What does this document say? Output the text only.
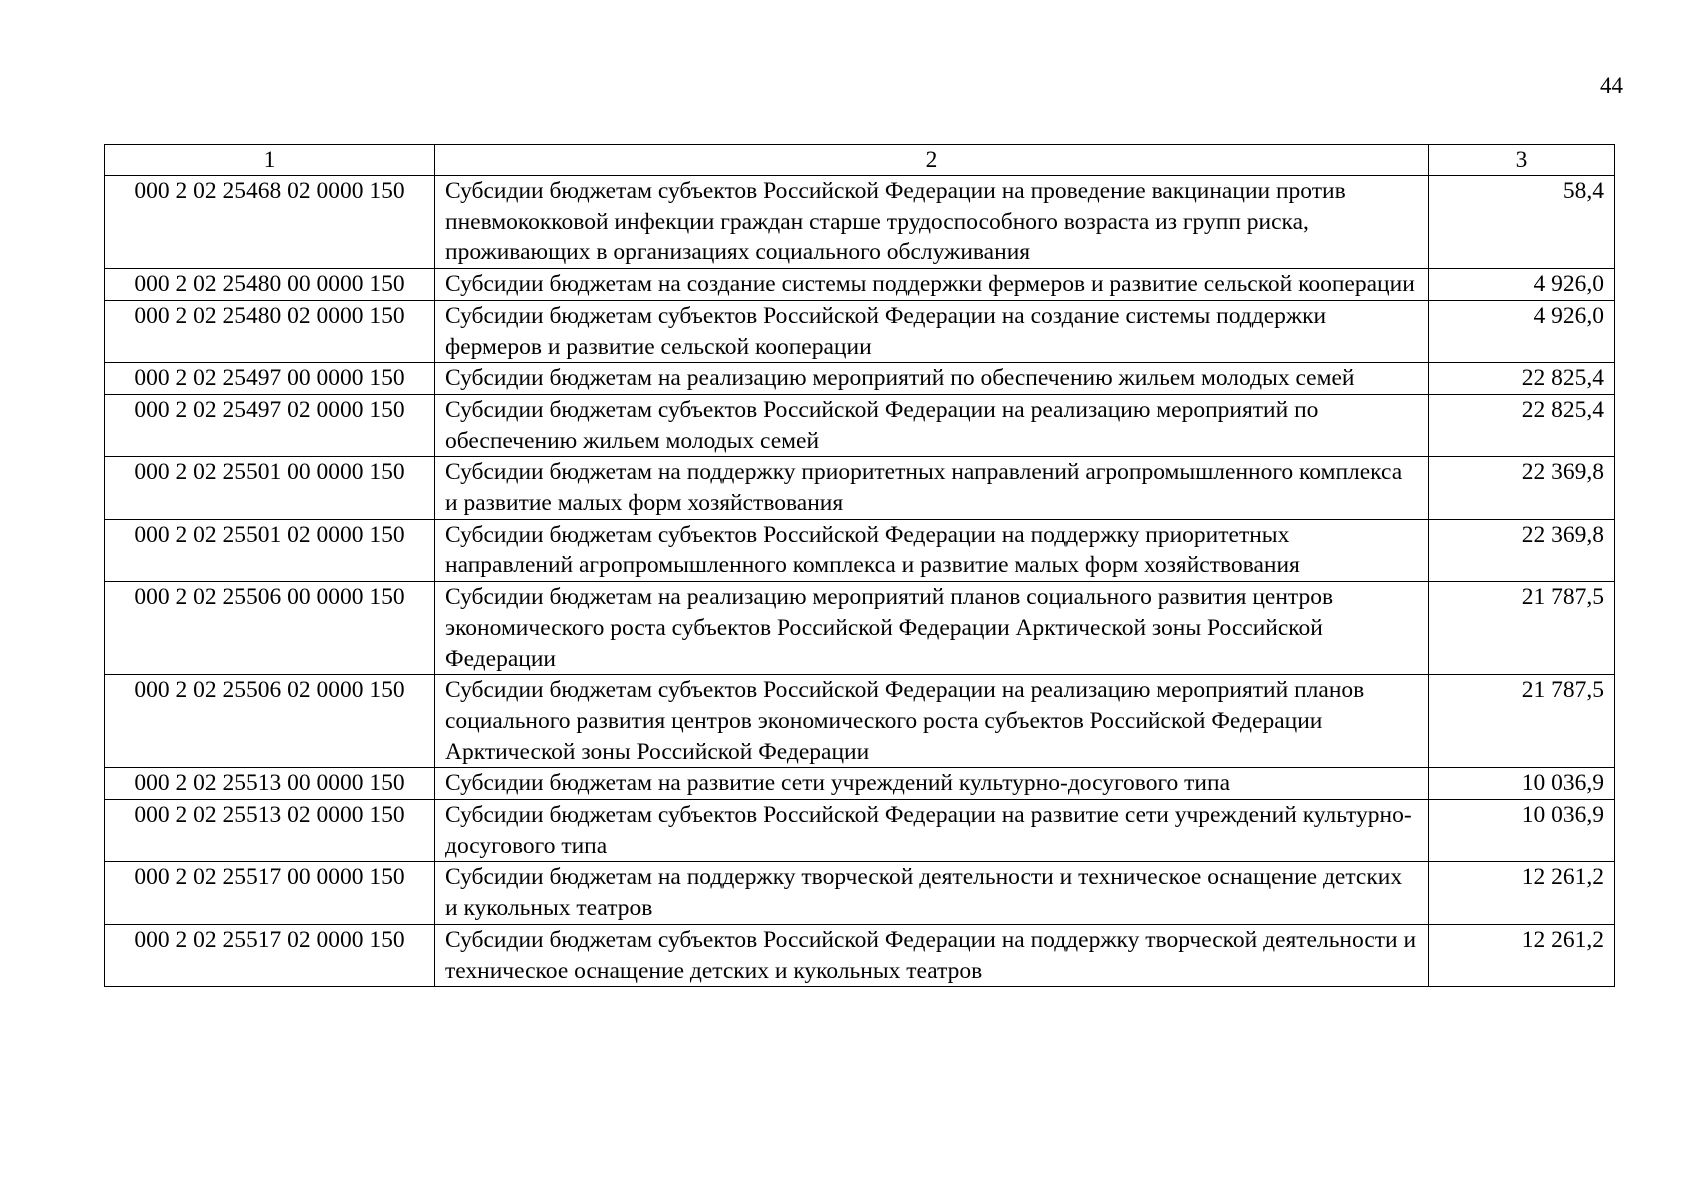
44
1	2	3
000 2 02 25468 02 0000 150	Субсидии бюджетам субъектов Российской Федерации на проведение вакцинации против пневмококковой инфекции граждан старше трудоспособного возраста из групп риска, проживающих в организациях социального обслуживания	58,4
000 2 02 25480 00 0000 150	Субсидии бюджетам на создание системы поддержки фермеров и развитие сельской кооперации	4 926,0
000 2 02 25480 02 0000 150	Субсидии бюджетам субъектов Российской Федерации на создание системы поддержки фермеров и развитие сельской кооперации	4 926,0
000 2 02 25497 00 0000 150	Субсидии бюджетам на реализацию мероприятий по обеспечению жильем молодых семей	22 825,4
000 2 02 25497 02 0000 150	Субсидии бюджетам субъектов Российской Федерации на реализацию мероприятий по обеспечению жильем молодых семей	22 825,4
000 2 02 25501 00 0000 150	Субсидии бюджетам на поддержку приоритетных направлений агропромышленного комплекса и развитие малых форм хозяйствования	22 369,8
000 2 02 25501 02 0000 150	Субсидии бюджетам субъектов Российской Федерации на поддержку приоритетных направлений агропромышленного комплекса и развитие малых форм хозяйствования	22 369,8
000 2 02 25506 00 0000 150	Субсидии бюджетам на реализацию мероприятий планов социального развития центров экономического роста субъектов Российской Федерации Арктической зоны Российской Федерации	21 787,5
000 2 02 25506 02 0000 150	Субсидии бюджетам субъектов Российской Федерации на реализацию мероприятий планов социального развития центров экономического роста субъектов Российской Федерации Арктической зоны Российской Федерации	21 787,5
000 2 02 25513 00 0000 150	Субсидии бюджетам на развитие сети учреждений культурно-досугового типа	10 036,9
000 2 02 25513 02 0000 150	Субсидии бюджетам субъектов Российской Федерации на развитие сети учреждений культурно-досугового типа	10 036,9
000 2 02 25517 00 0000 150	Субсидии бюджетам на поддержку творческой деятельности и техническое оснащение детских и кукольных театров	12 261,2
000 2 02 25517 02 0000 150	Субсидии бюджетам субъектов Российской Федерации на поддержку творческой деятельности и техническое оснащение детских и кукольных театров	12 261,2
